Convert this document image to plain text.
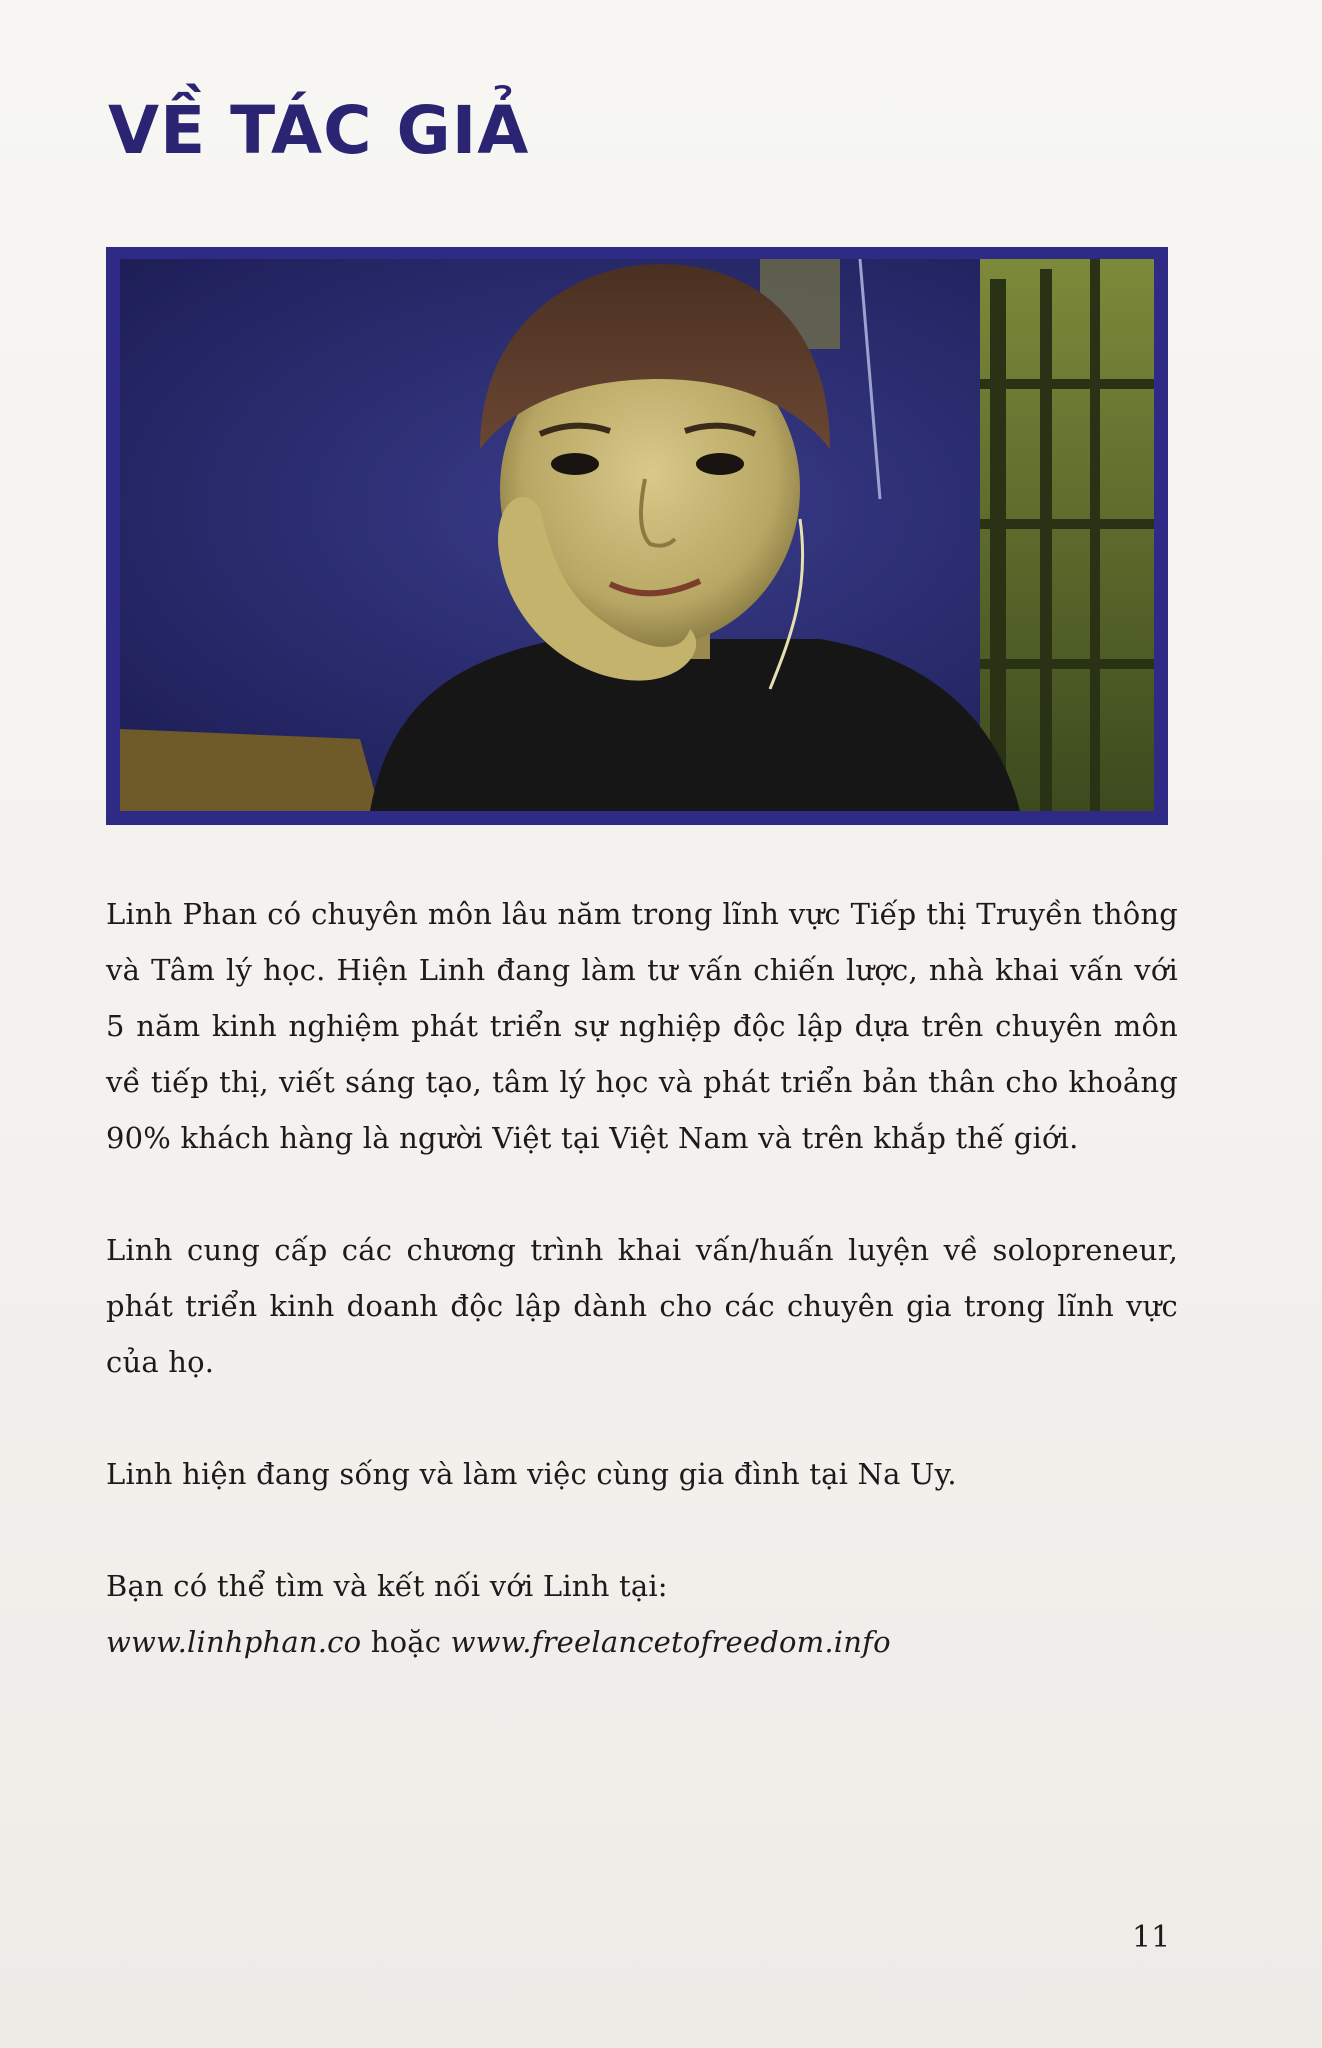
VỀ TÁC GIẢ

Linh Phan có chuyên môn lâu năm trong lĩnh vực Tiếp thị Truyền thông và Tâm lý học. Hiện Linh đang làm tư vấn chiến lược, nhà khai vấn với 5 năm kinh nghiệm phát triển sự nghiệp độc lập dựa trên chuyên môn về tiếp thị, viết sáng tạo, tâm lý học và phát triển bản thân cho khoảng 90% khách hàng là người Việt tại Việt Nam và trên khắp thế giới.

Linh cung cấp các chương trình khai vấn/huấn luyện về solopreneur, phát triển kinh doanh độc lập dành cho các chuyên gia trong lĩnh vực của họ.

Linh hiện đang sống và làm việc cùng gia đình tại Na Uy.

Bạn có thể tìm và kết nối với Linh tại:
www.linhphan.co hoặc www.freelancetofreedom.info

11
